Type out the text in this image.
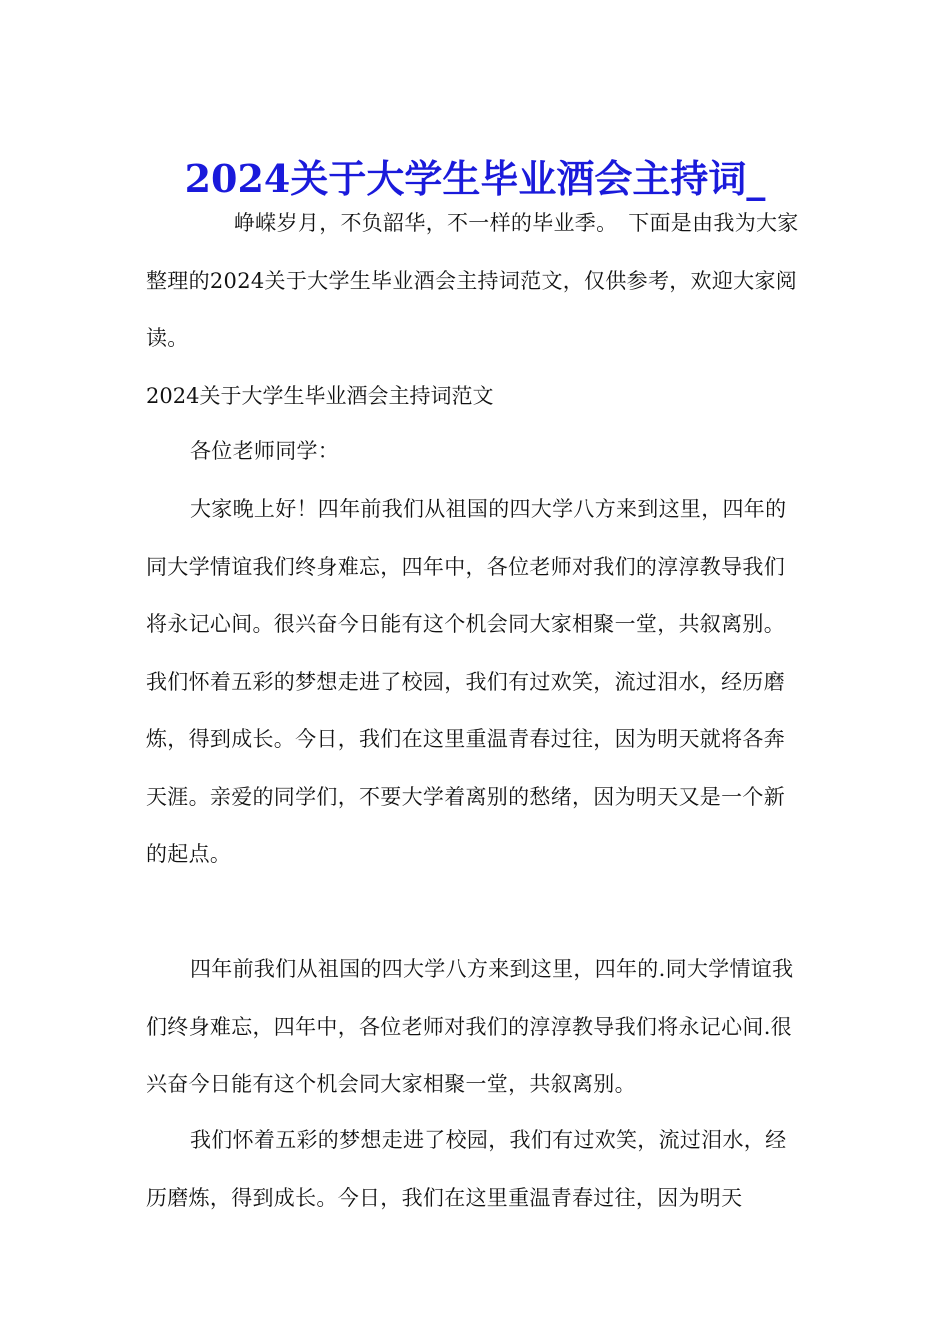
2024关于大学生毕业酒会主持词_

峥嵘岁月，不负韶华，不一样的毕业季。　下面是由我为大家整理的2024关于大学生毕业酒会主持词范文，仅供参考，欢迎大家阅读。

2024关于大学生毕业酒会主持词范文

各位老师同学：

大家晚上好！四年前我们从祖国的四大学八方来到这里，四年的同大学情谊我们终身难忘，四年中，各位老师对我们的淳淳教导我们将永记心间。很兴奋今日能有这个机会同大家相聚一堂，共叙离别。我们怀着五彩的梦想走进了校园，我们有过欢笑，流过泪水，经历磨炼，得到成长。今日，我们在这里重温青春过往，因为明天就将各奔天涯。亲爱的同学们，不要大学着离别的愁绪，因为明天又是一个新的起点。

四年前我们从祖国的四大学八方来到这里，四年的.同大学情谊我们终身难忘，四年中，各位老师对我们的淳淳教导我们将永记心间.很兴奋今日能有这个机会同大家相聚一堂，共叙离别。

我们怀着五彩的梦想走进了校园，我们有过欢笑，流过泪水，经历磨炼，得到成长。今日，我们在这里重温青春过往，因为明天
